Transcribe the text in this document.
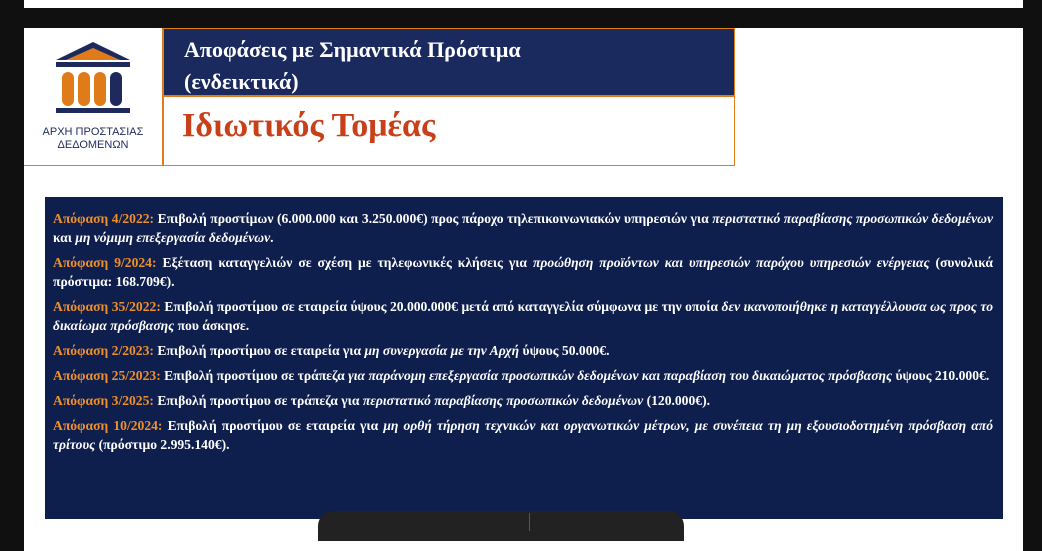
ΑΡΧΗ ΠΡΟΣΤΑΣΙΑΣ
ΔΕΔΟΜΕΝΩΝ
Αποφάσεις με Σημαντικά Πρόστιμα
(ενδεικτικά)
Ιδιωτικός Τομέας
Απόφαση 4/2022: Επιβολή προστίμων (6.000.000 και 3.250.000€) προς πάροχο τηλεπικοινωνιακών υπηρεσιών για περιστατικό παραβίασης προσωπικών δεδομένων και μη νόμιμη επεξεργασία δεδομένων.
Απόφαση 9/2024: Εξέταση καταγγελιών σε σχέση με τηλεφωνικές κλήσεις για προώθηση προϊόντων και υπηρεσιών παρόχου υπηρεσιών ενέργειας (συνολικά πρόστιμα: 168.709€).
Απόφαση 35/2022: Επιβολή προστίμου σε εταιρεία ύψους 20.000.000€ μετά από καταγγελία σύμφωνα με την οποία δεν ικανοποιήθηκε η καταγγέλλουσα ως προς το δικαίωμα πρόσβασης που άσκησε.
Απόφαση 2/2023: Επιβολή προστίμου σε εταιρεία για μη συνεργασία με την Αρχή ύψους 50.000€.
Απόφαση 25/2023: Επιβολή προστίμου σε τράπεζα για παράνομη επεξεργασία προσωπικών δεδομένων και παραβίαση του δικαιώματος πρόσβασης ύψους 210.000€.
Απόφαση 3/2025: Επιβολή προστίμου σε τράπεζα για περιστατικό παραβίασης προσωπικών δεδομένων (120.000€).
Απόφαση 10/2024: Επιβολή προστίμου σε εταιρεία για μη ορθή τήρηση τεχνικών και οργανωτικών μέτρων, με συνέπεια τη μη εξουσιοδοτημένη πρόσβαση από τρίτους (πρόστιμο 2.995.140€).
